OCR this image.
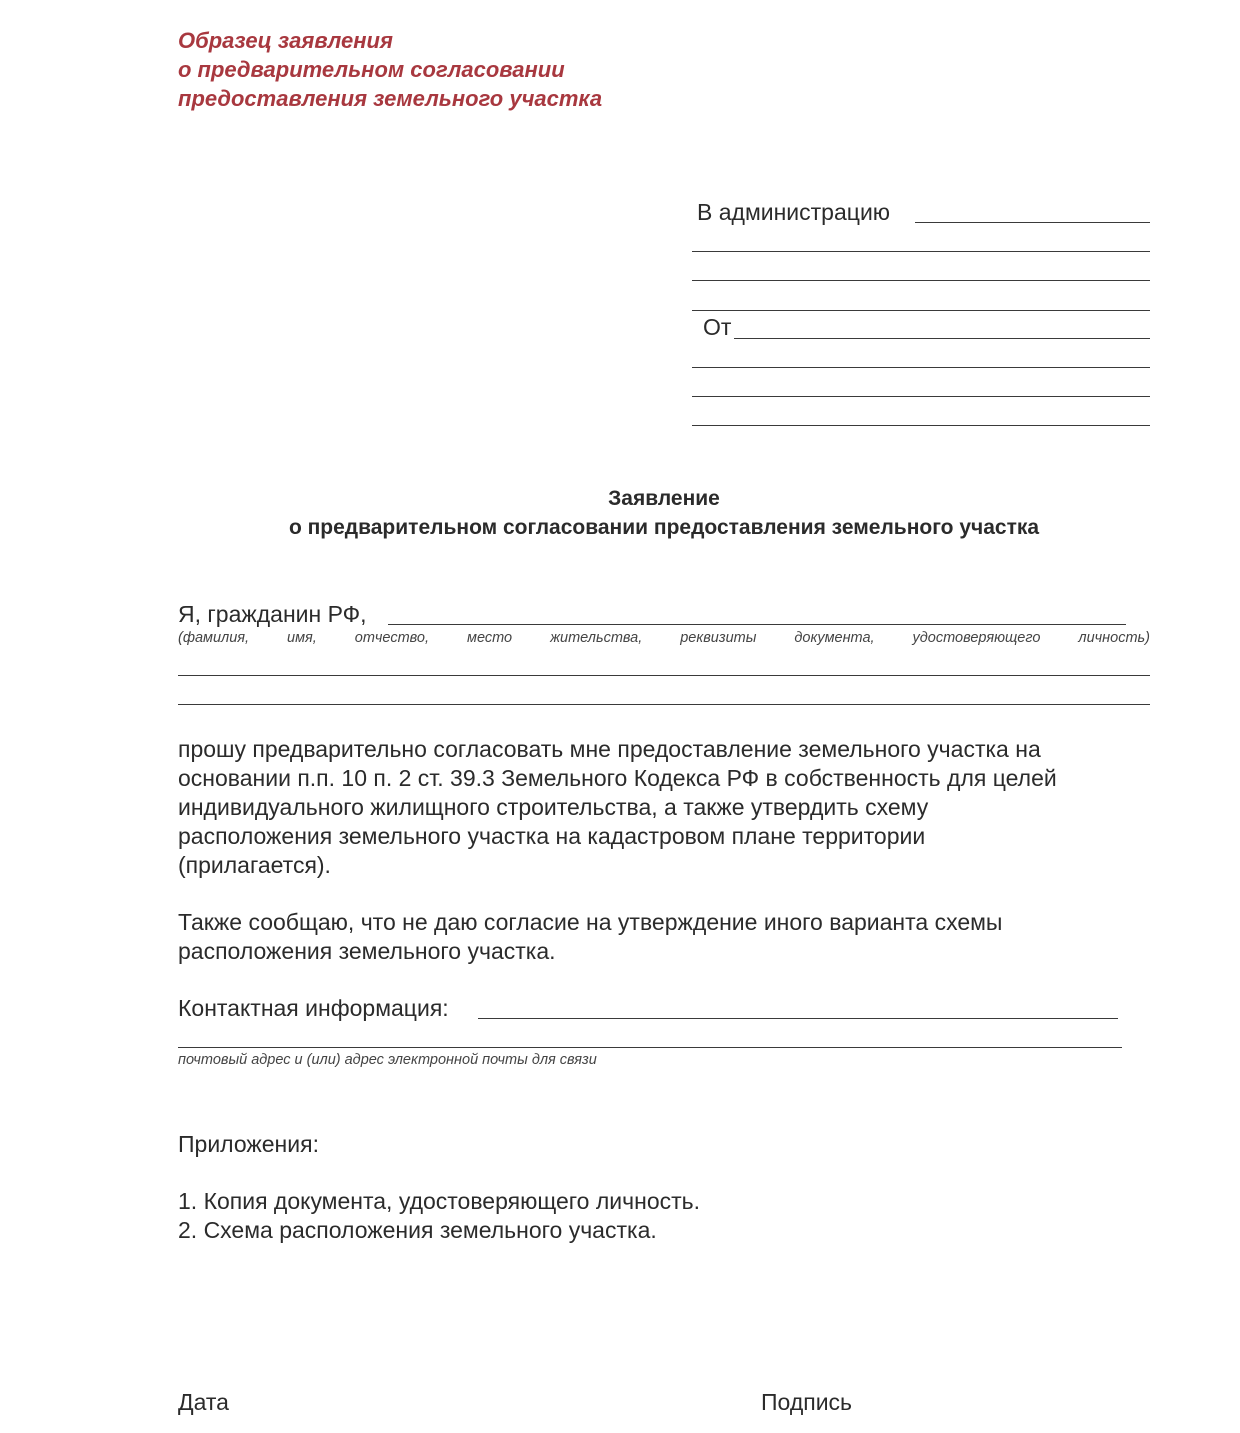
Образец заявления
о предварительном согласовании
предоставления земельного участка
В администрацию
От
Заявление
о предварительном согласовании предоставления земельного участка
Я, гражданин РФ,
(фамилия,	имя,	отчество,	место	жительства,	реквизиты	документа,	удостоверяющего	личность)
прошу предварительно согласовать мне предоставление земельного участка на
основании п.п. 10 п. 2 ст. 39.3 Земельного Кодекса РФ в собственность для целей
индивидуального жилищного строительства, а также утвердить схему
расположения земельного участка на кадастровом плане территории
(прилагается).
Также сообщаю, что не даю согласие на утверждение иного варианта схемы
расположения земельного участка.
Контактная информация:
почтовый адрес и (или) адрес электронной почты для связи
Приложения:
1. Копия документа, удостоверяющего личность.
2. Схема расположения земельного участка.
Дата	Подпись
